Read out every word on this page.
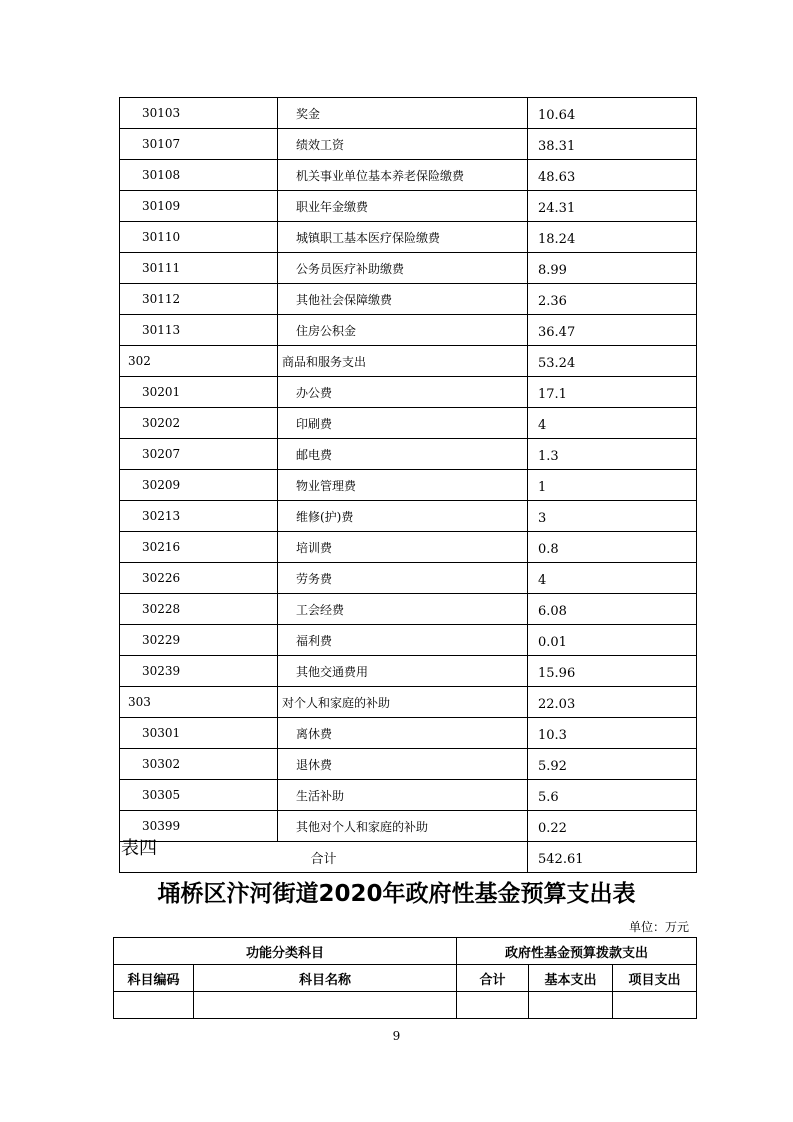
30103	奖金	10.64
30107	绩效工资	38.31
30108	机关事业单位基本养老保险缴费	48.63
30109	职业年金缴费	24.31
30110	城镇职工基本医疗保险缴费	18.24
30111	公务员医疗补助缴费	8.99
30112	其他社会保障缴费	2.36
30113	住房公积金	36.47
302	商品和服务支出	53.24
30201	办公费	17.1
30202	印刷费	4
30207	邮电费	1.3
30209	物业管理费	1
30213	维修(护)费	3
30216	培训费	0.8
30226	劳务费	4
30228	工会经费	6.08
30229	福利费	0.01
30239	其他交通费用	15.96
303	对个人和家庭的补助	22.03
30301	离休费	10.3
30302	退休费	5.92
30305	生活补助	5.6
30399	其他对个人和家庭的补助	0.22
合计		542.61
表四
埇桥区汴河街道2020年政府性基金预算支出表
单位：万元
功能分类科目		政府性基金预算拨款支出		
科目编码	科目名称	合计	基本支出	项目支出

9
